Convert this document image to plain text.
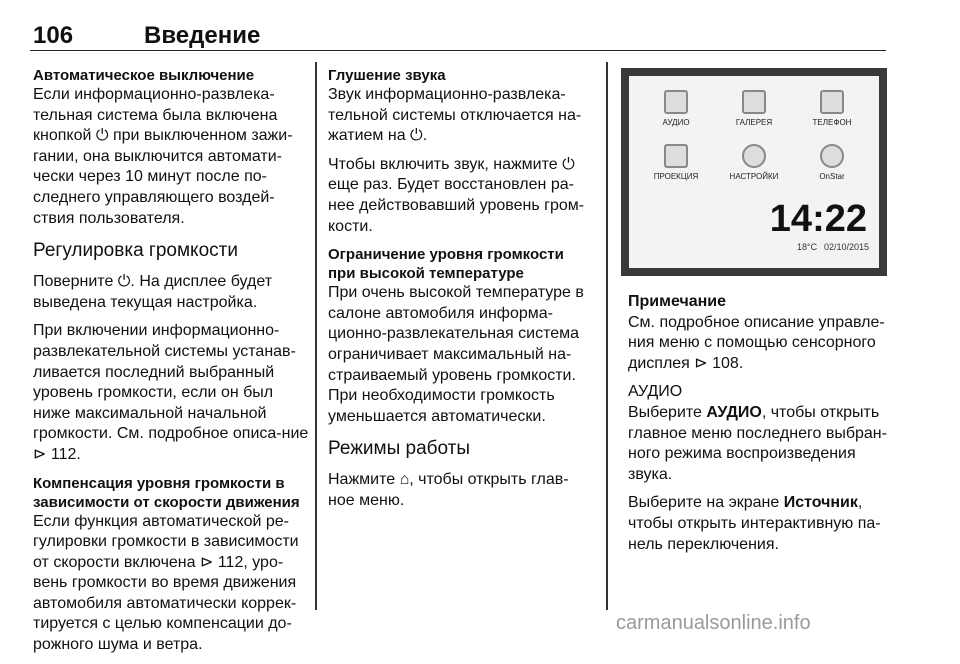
106	Введение
Автоматическое выключение

Если информационно-развлека-тельная система была включена кнопкой ⏻ при выключенном зажи-гании, она выключится автомати-чески через 10 минут после по-следнего управляющего воздей-ствия пользователя.

Регулировка громкости

Поверните ⏻. На дисплее будет выведена текущая настройка.

При включении информационно-развлекательной системы устанав-ливается последний выбранный уровень громкости, если он был ниже максимальной начальной громкости. См. подробное описа-ние ⊳ 112.

Компенсация уровня громкости в зависимости от скорости движения

Если функция автоматической ре-гулировки громкости в зависимости от скорости включена ⊳ 112, уро-вень громкости во время движения автомобиля автоматически коррек-тируется с целью компенсации до-рожного шума и ветра.

Глушение звука

Звук информационно-развлека-тельной системы отключается на-жатием на ⏻.

Чтобы включить звук, нажмите ⏻ еще раз. Будет восстановлен ра-нее действовавший уровень гром-кости.

Ограничение уровня громкости при высокой температуре

При очень высокой температуре в салоне автомобиля информа-ционно-развлекательная система ограничивает максимальный на-страиваемый уровень громкости. При необходимости громкость уменьшается автоматически.

Режимы работы

Нажмите ⌂, чтобы открыть глав-ное меню.

АУДИО	ГАЛЕРЕЯ	ТЕЛЕФОН
ПРОЕКЦИЯ	НАСТРОЙКИ	OnStar
14:22
18°C 02/10/2015
Примечание

См. подробное описание управле-ния меню с помощью сенсорного дисплея ⊳ 108.

АУДИО

Выберите АУДИО, чтобы открыть главное меню последнего выбран-ного режима воспроизведения звука.

Выберите на экране Источник, чтобы открыть интерактивную па-нель переключения.

carmanualsonline.info
